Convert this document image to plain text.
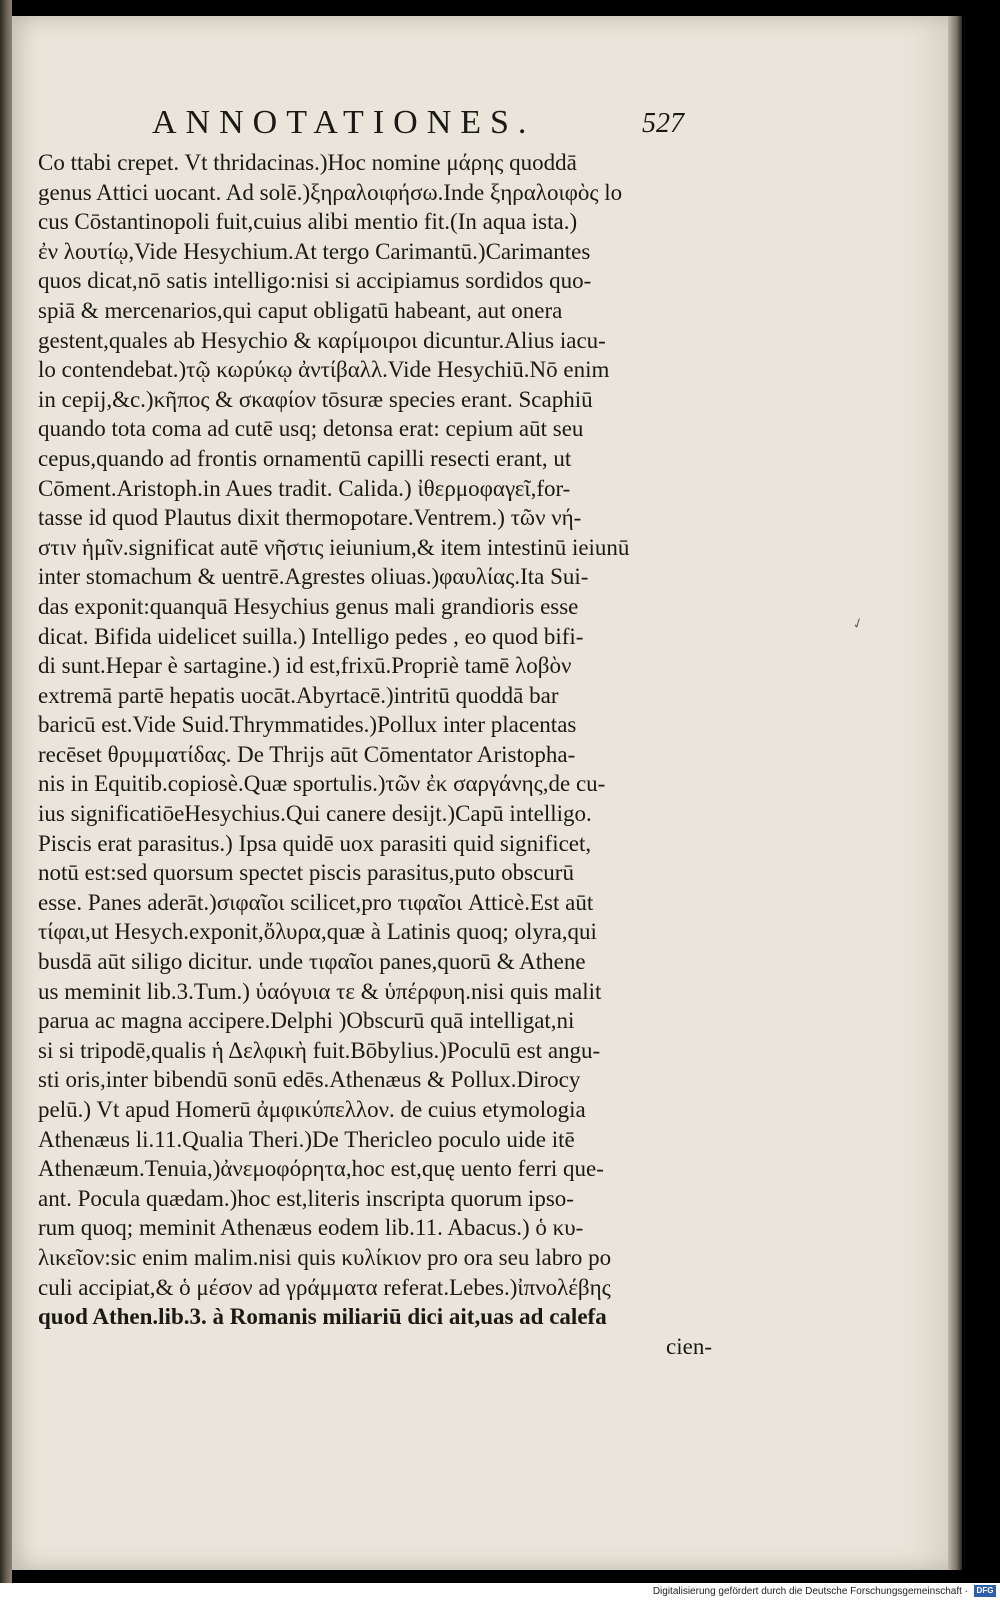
ANNOTATIONES.	527
Co ttabi crepet. Vt thridacinas.)Hoc nomine μάρης quoddā
genus Attici uocant. Ad solē.)ξηραλοιφήσω.Inde ξηραλοιφὸς lo
cus Cōstantinopoli fuit,cuius alibi mentio fit.(In aqua ista.)
ἐν λουτίῳ,Vide Hesychium.At tergo Carimantū.)Carimantes
quos dicat,nō satis intelligo:nisi si accipiamus sordidos quo-
spiā & mercenarios,qui caput obligatū habeant, aut onera
gestent,quales ab Hesychio & καρίμοιροι dicuntur.Alius iacu-
lo contendebat.)τῷ κωρύκῳ ἀντίβαλλ.Vide Hesychiū.Nō enim
in cepij,&c.)κῆπος & σκαφίον tōsuræ species erant. Scaphiū
quando tota coma ad cutē usq; detonsa erat: cepium aūt seu
cepus,quando ad frontis ornamentū capilli resecti erant, ut
Cōment.Aristoph.in Aues tradit. Calida.) ἰθερμοφαγεῖ,for-
tasse id quod Plautus dixit thermopotare.Ventrem.) τῶν νή-
στιν ἡμῖν.significat autē νῆστις ieiunium,& item intestinū ieiunū
inter stomachum & uentrē.Agrestes oliuas.)φαυλίας.Ita Sui-
das exponit:quanquā Hesychius genus mali grandioris esse
dicat. Bifida uidelicet suilla.) Intelligo pedes , eo quod bifi-
di sunt.Hepar è sartagine.) id est,frixū.Propriè tamē λοβὸν
extremā partē hepatis uocāt.Abyrtacē.)intritū quoddā bar
baricū est.Vide Suid.Thrymmatides.)Pollux inter placentas
recēset θρυμματίδας. De Thrijs aūt Cōmentator Aristopha-
nis in Equitib.copiosè.Quæ sportulis.)τῶν ἐκ σαργάνης,de cu-
ius significatiōeHesychius.Qui canere desijt.)Capū intelligo.
Piscis erat parasitus.) Ipsa quidē uox parasiti quid significet,
notū est:sed quorsum spectet piscis parasitus,puto obscurū
esse. Panes aderāt.)σιφαῖοι scilicet,pro τιφαῖοι Atticè.Est aūt
τίφαι,ut Hesych.exponit,ὄλυρα,quæ à Latinis quoq; olyra,qui
busdā aūt siligo dicitur. unde τιφαῖοι panes,quorū & Athene
us meminit lib.3.Tum.) ὑαόγυια τε & ὑπέρφυη.nisi quis malit
parua ac magna accipere.Delphi )Obscurū quā intelligat,ni
si si tripodē,qualis ἡ Δελφικὴ fuit.Bōbylius.)Poculū est angu-
sti oris,inter bibendū sonū edēs.Athenæus & Pollux.Dirocy
pelū.) Vt apud Homerū ἀμφικύπελλον. de cuius etymologia
Athenæus li.11.Qualia Theri.)De Thericleo poculo uide itē
Athenæum.Tenuia,)ἀνεμοφόρητα,hoc est,quę uento ferri que-
ant. Pocula quædam.)hoc est,literis inscripta quorum ipso-
rum quoq; meminit Athenæus eodem lib.11. Abacus.) ὁ κυ-
λικεῖον:sic enim malim.nisi quis κυλίκιον pro ora seu labro po
culi accipiat,& ὁ μέσον ad γράμματα referat.Lebes.)ἰπνολέβης
quod Athen.lib.3. à Romanis miliariū dici ait,uas ad calefa
cien-
✓
Digitalisierung gefördert durch die Deutsche Forschungsgemeinschaft ·	DFG
